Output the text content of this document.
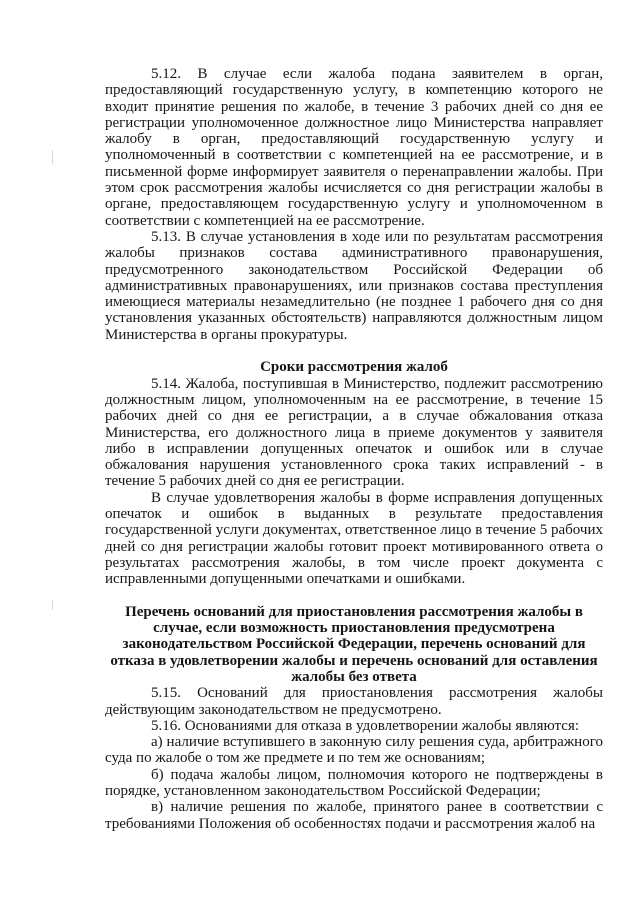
5.12. В случае если жалоба подана заявителем в орган, предоставляющий государственную услугу, в компетенцию которого не входит принятие решения по жалобе, в течение 3 рабочих дней со дня ее регистрации уполномоченное должностное лицо Министерства направляет жалобу в орган, предоставляющий государственную услугу и уполномоченный в соответствии с компетенцией на ее рассмотрение, и в письменной форме информирует заявителя о перенаправлении жалобы. При этом срок рассмотрения жалобы исчисляется со дня регистрации жалобы в органе, предоставляющем государственную услугу и уполномоченном в соответствии с компетенцией на ее рассмотрение.

5.13. В случае установления в ходе или по результатам рассмотрения жалобы признаков состава административного правонарушения, предусмотренного законодательством Российской Федерации об административных правонарушениях, или признаков состава преступления имеющиеся материалы незамедлительно (не позднее 1 рабочего дня со дня установления указанных обстоятельств) направляются должностным лицом Министерства в органы прокуратуры.

Сроки рассмотрения жалоб

5.14. Жалоба, поступившая в Министерство, подлежит рассмотрению должностным лицом, уполномоченным на ее рассмотрение, в течение 15 рабочих дней со дня ее регистрации, а в случае обжалования отказа Министерства, его должностного лица в приеме документов у заявителя либо в исправлении допущенных опечаток и ошибок или в случае обжалования нарушения установленного срока таких исправлений - в течение 5 рабочих дней со дня ее регистрации.

В случае удовлетворения жалобы в форме исправления допущенных опечаток и ошибок в выданных в результате предоставления государственной услуги документах, ответственное лицо в течение 5 рабочих дней со дня регистрации жалобы готовит проект мотивированного ответа о результатах рассмотрения жалобы, в том числе проект документа с исправленными допущенными опечатками и ошибками.

Перечень оснований для приостановления рассмотрения жалобы в случае, если возможность приостановления предусмотрена законодательством Российской Федерации, перечень оснований для отказа в удовлетворении жалобы и перечень оснований для оставления жалобы без ответа

5.15. Оснований для приостановления рассмотрения жалобы действующим законодательством не предусмотрено.

5.16. Основаниями для отказа в удовлетворении жалобы являются:

а) наличие вступившего в законную силу решения суда, арбитражного суда по жалобе о том же предмете и по тем же основаниям;

б) подача жалобы лицом, полномочия которого не подтверждены в порядке, установленном законодательством Российской Федерации;

в) наличие решения по жалобе, принятого ранее в соответствии с требованиями Положения об особенностях подачи и рассмотрения жалоб на
